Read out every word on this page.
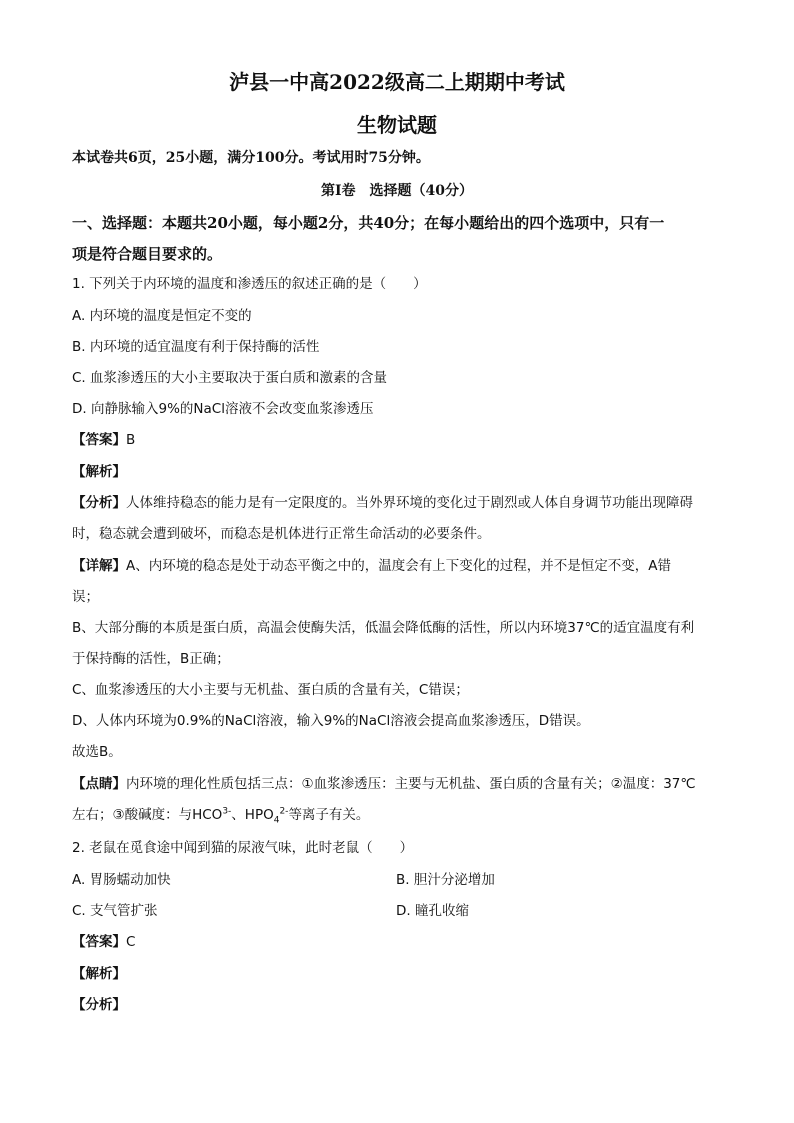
泸县一中高2022级高二上期期中考试
生物试题
本试卷共6页，25小题，满分100分。考试用时75分钟。
第Ⅰ卷　选择题（40分）
一、选择题：本题共20小题，每小题2分，共40分；在每小题给出的四个选项中，只有一
项是符合题目要求的。
1. 下列关于内环境的温度和渗透压的叙述正确的是（　　）
A. 内环境的温度是恒定不变的
B. 内环境的适宜温度有利于保持酶的活性
C. 血浆渗透压的大小主要取决于蛋白质和激素的含量
D. 向静脉输入9%的NaCl溶液不会改变血浆渗透压
【答案】B
【解析】
【分析】人体维持稳态的能力是有一定限度的。当外界环境的变化过于剧烈或人体自身调节功能出现障碍
时，稳态就会遭到破坏，而稳态是机体进行正常生命活动的必要条件。
【详解】A、内环境的稳态是处于动态平衡之中的，温度会有上下变化的过程，并不是恒定不变，A错
误；
B、大部分酶的本质是蛋白质，高温会使酶失活，低温会降低酶的活性，所以内环境37℃的适宜温度有利
于保持酶的活性，B正确；
C、血浆渗透压的大小主要与无机盐、蛋白质的含量有关，C错误；
D、人体内环境为0.9%的NaCl溶液，输入9%的NaCl溶液会提高血浆渗透压，D错误。
故选B。
【点睛】内环境的理化性质包括三点：①血浆渗透压：主要与无机盐、蛋白质的含量有关；②温度：37℃
左右；③酸碱度：与$HCO^{3-}$、$HPO_4^{2-}$等离子有关。
2. 老鼠在觅食途中闻到猫的尿液气味，此时老鼠（　　）
A. 胃肠蠕动加快	B. 胆汁分泌增加
C. 支气管扩张	D. 瞳孔收缩
【答案】C
【解析】
【分析】
